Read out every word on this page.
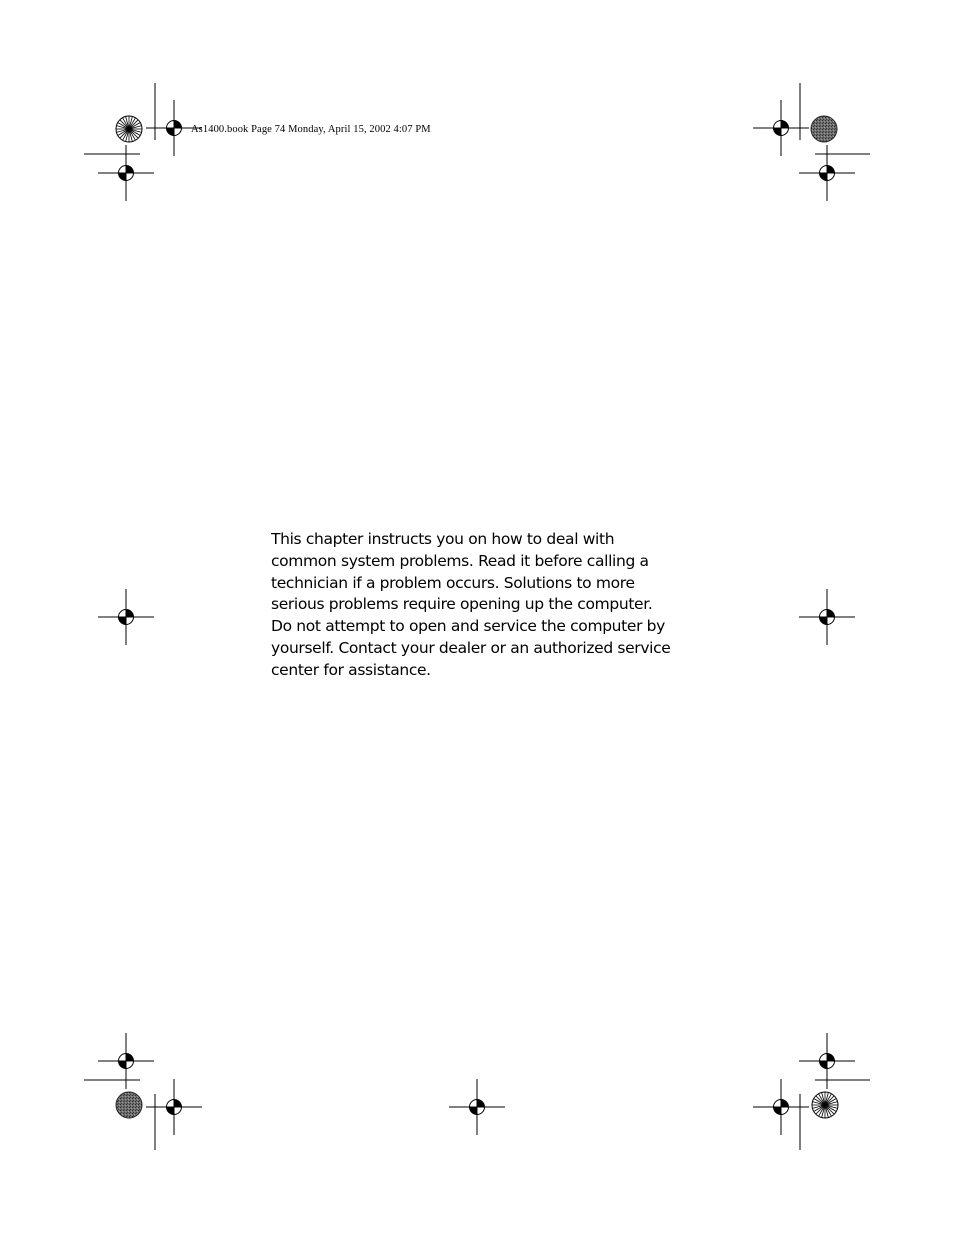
As1400.book Page 74 Monday, April 15, 2002 4:07 PM

This chapter instructs you on how to deal with
common system problems. Read it before calling a
technician if a problem occurs. Solutions to more
serious problems require opening up the computer.
Do not attempt to open and service the computer by
yourself. Contact your dealer or an authorized service
center for assistance.
